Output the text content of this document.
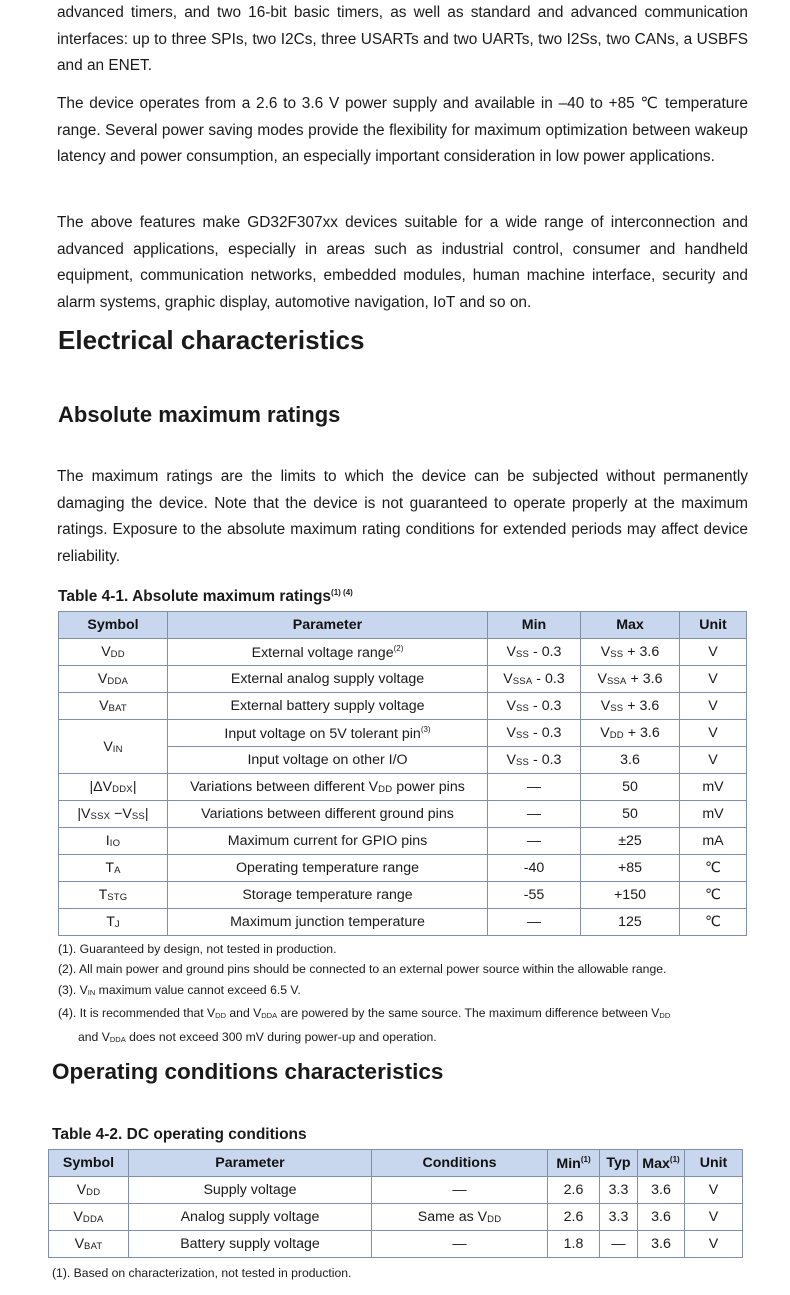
advanced timers, and two 16-bit basic timers, as well as standard and advanced communication interfaces: up to three SPIs, two I2Cs, three USARTs and two UARTs, two I2Ss, two CANs, a USBFS and an ENET.

The device operates from a 2.6 to 3.6 V power supply and available in –40 to +85 ℃ temperature range. Several power saving modes provide the flexibility for maximum optimization between wakeup latency and power consumption, an especially important consideration in low power applications.

The above features make GD32F307xx devices suitable for a wide range of interconnection and advanced applications, especially in areas such as industrial control, consumer and handheld equipment, communication networks, embedded modules, human machine interface, security and alarm systems, graphic display, automotive navigation, IoT and so on.

Electrical characteristics
Absolute maximum ratings

The maximum ratings are the limits to which the device can be subjected without permanently damaging the device. Note that the device is not guaranteed to operate properly at the maximum ratings. Exposure to the absolute maximum rating conditions for extended periods may affect device reliability.

Table 4-1. Absolute maximum ratings$^{(1) (4)}$

Symbol	Parameter	Min	Max	Unit
VDD	External voltage range$^{(2)}$	VSS - 0.3	VSS + 3.6	V
VDDA	External analog supply voltage	VSSA - 0.3	VSSA + 3.6	V
VBAT	External battery supply voltage	VSS - 0.3	VSS + 3.6	V
VIN	Input voltage on 5V tolerant pin$^{(3)}$	VSS - 0.3	VDD + 3.6	V
	Input voltage on other I/O	VSS - 0.3	3.6	V
|ΔVDDX|	Variations between different VDD power pins	—	50	mV
|VSSX −VSS|	Variations between different ground pins	—	50	mV
IIO	Maximum current for GPIO pins	—	±25	mA
TA	Operating temperature range	-40	+85	℃
TSTG	Storage temperature range	-55	+150	℃
TJ	Maximum junction temperature	—	125	℃
(1). Guaranteed by design, not tested in production.
(2). All main power and ground pins should be connected to an external power source within the allowable range.
(3). VIN maximum value cannot exceed 6.5 V.
(4). It is recommended that VDD and VDDA are powered by the same source. The maximum difference between VDD
and VDDA does not exceed 300 mV during power-up and operation.
Operating conditions characteristics

Table 4-2. DC operating conditions

Symbol	Parameter	Conditions	Min$^{(1)}$	Typ	Max$^{(1)}$	Unit
VDD	Supply voltage	—	2.6	3.3	3.6	V
VDDA	Analog supply voltage	Same as VDD	2.6	3.3	3.6	V
VBAT	Battery supply voltage	—	1.8	—	3.6	V
(1). Based on characterization, not tested in production.
